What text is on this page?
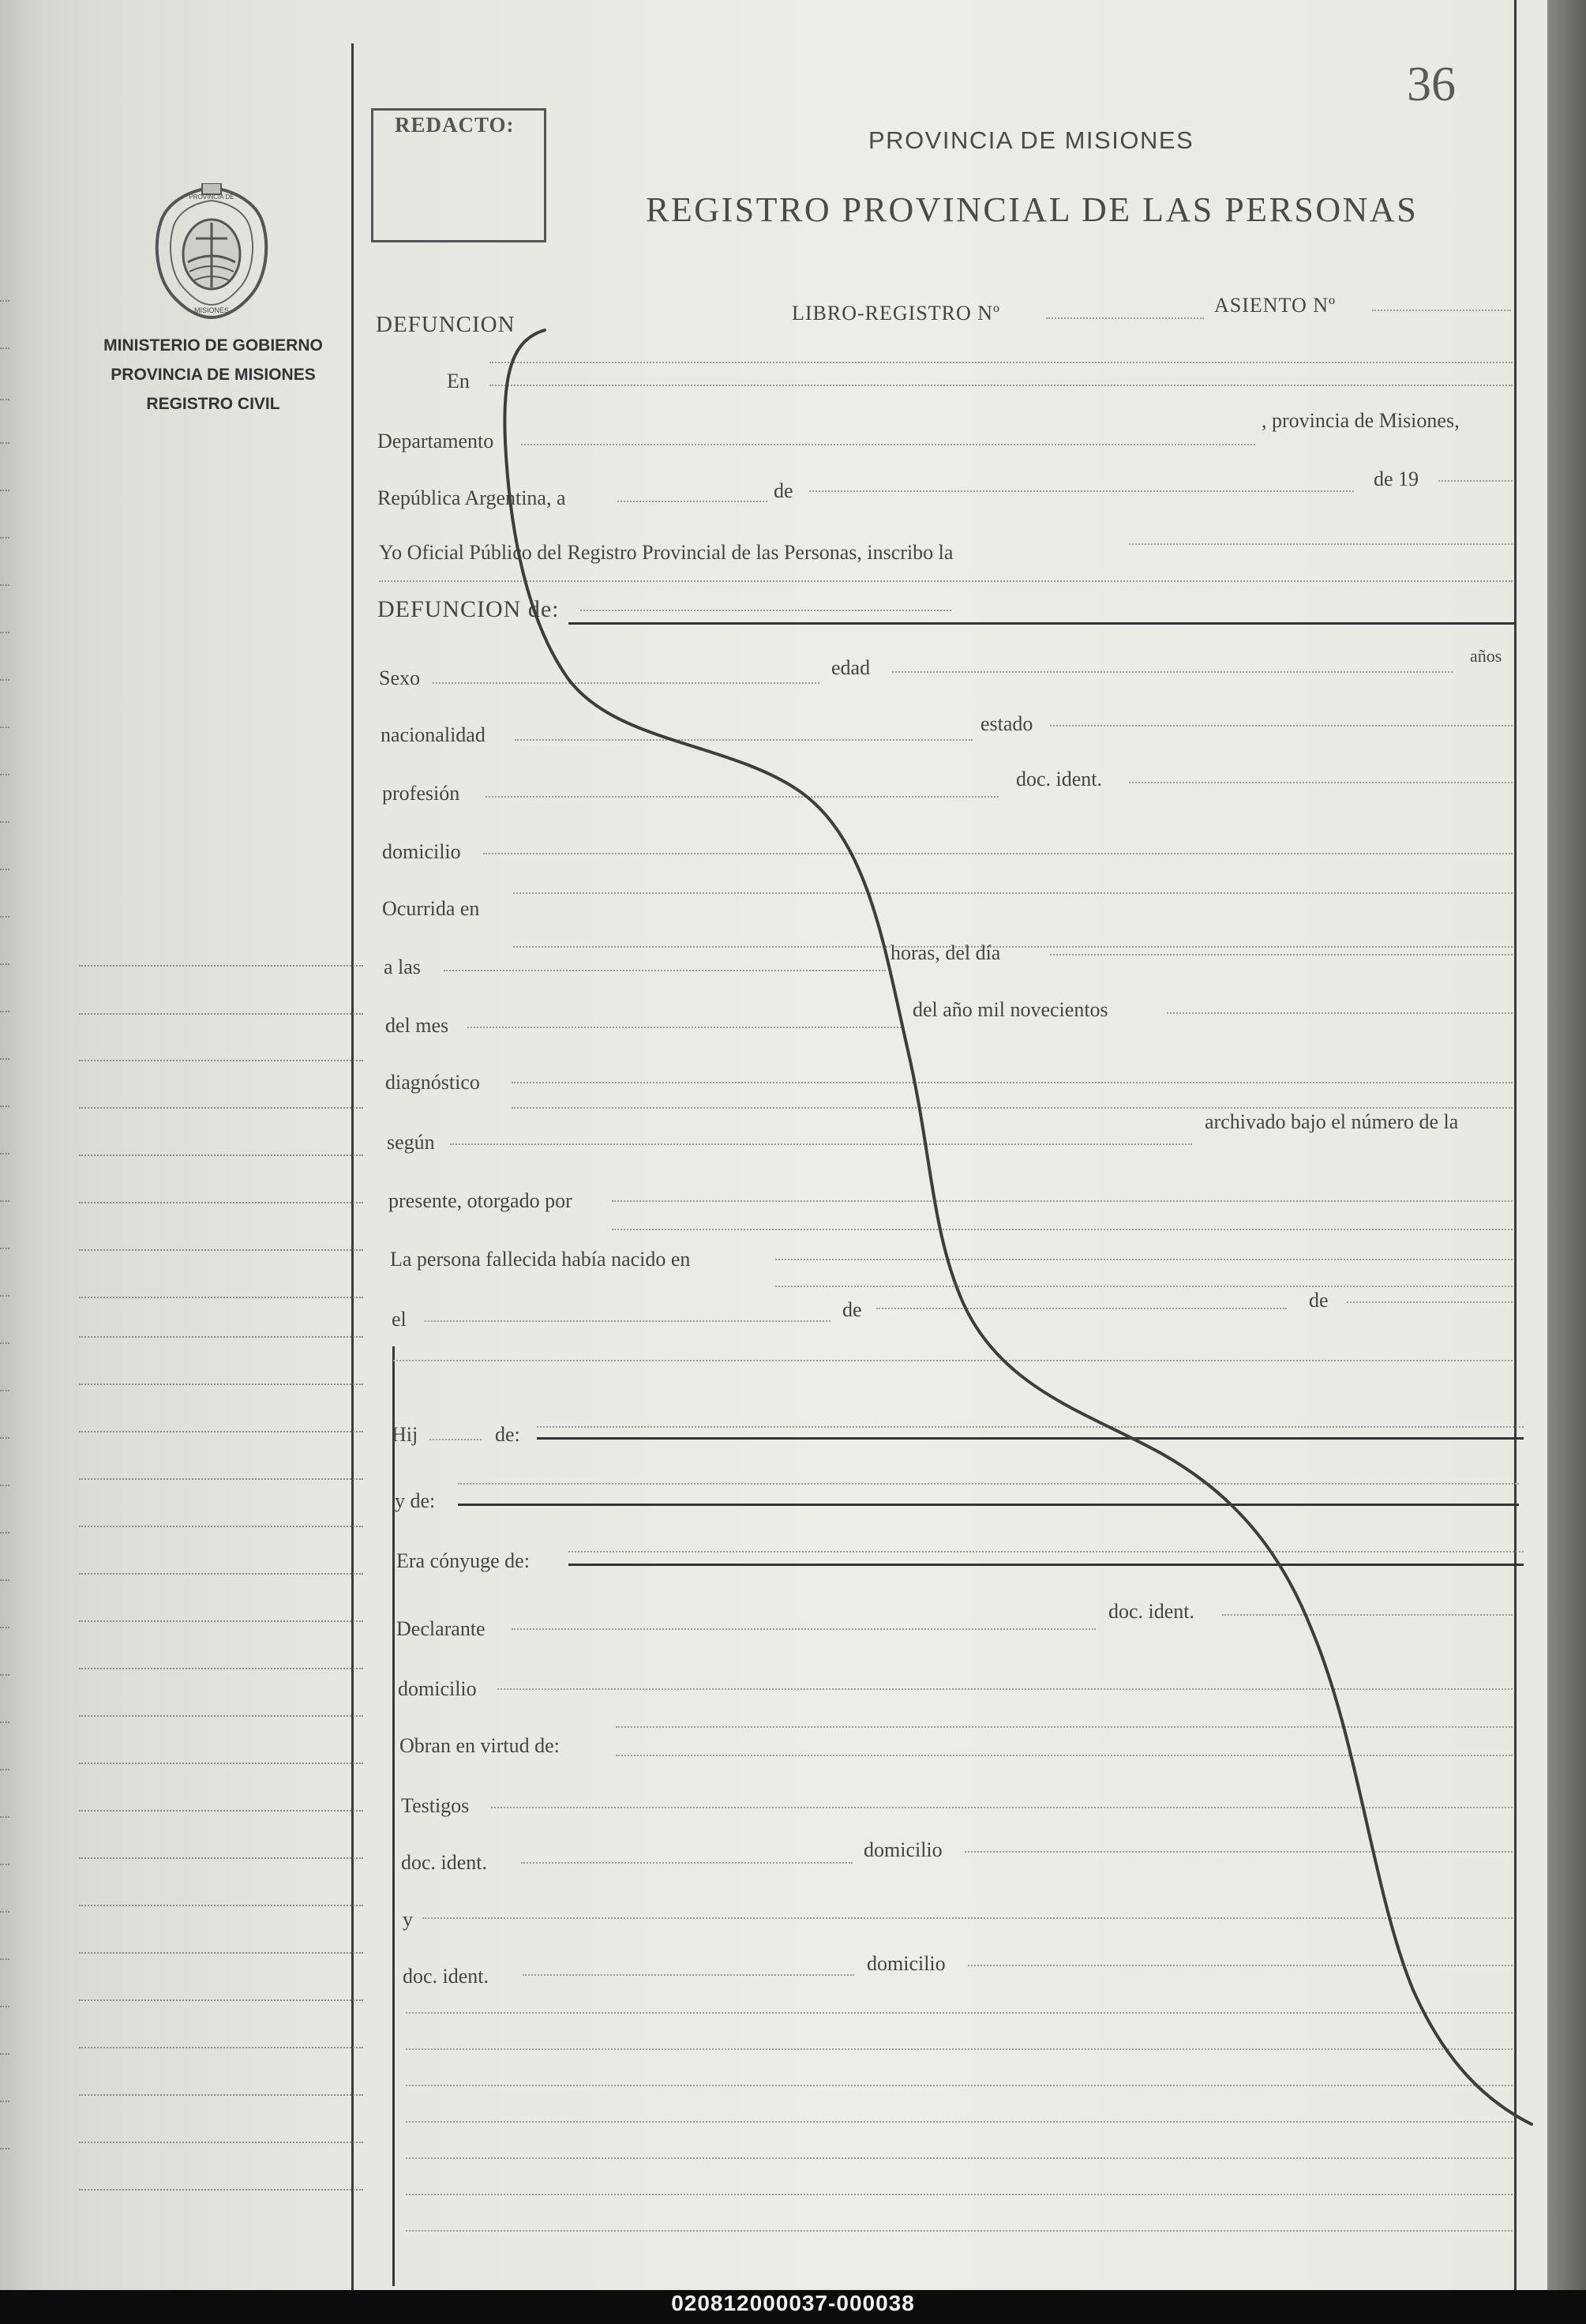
36
REDACTO:
PROVINCIA DE MISIONES
REGISTRO PROVINCIAL DE LAS PERSONAS
PROVINCIA DE
MISIONES
MINISTERIO DE GOBIERNO
PROVINCIA DE MISIONES
REGISTRO CIVIL
DEFUNCION	LIBRO-REGISTRO Nº	ASIENTO Nº
En
Departamento
, provincia de Misiones,
República Argentina, a	de
de 19
Yo Oficial Público del Registro Provincial de las Personas, inscribo la
DEFUNCION de:
Sexo	edad
años
nacionalidad	estado
profesión
doc. ident.
domicilio
Ocurrida en
a las
horas, del día
del mes
del año mil novecientos
diagnóstico
según
archivado bajo el número de la
presente, otorgado por
La persona fallecida había nacido en
el	de	de
Hij	de:
y de:
Era cónyuge de:
Declarante
doc. ident.
domicilio
Obran en virtud de:
Testigos
doc. ident.
domicilio
y
doc. ident.
domicilio
020812000037-000038
